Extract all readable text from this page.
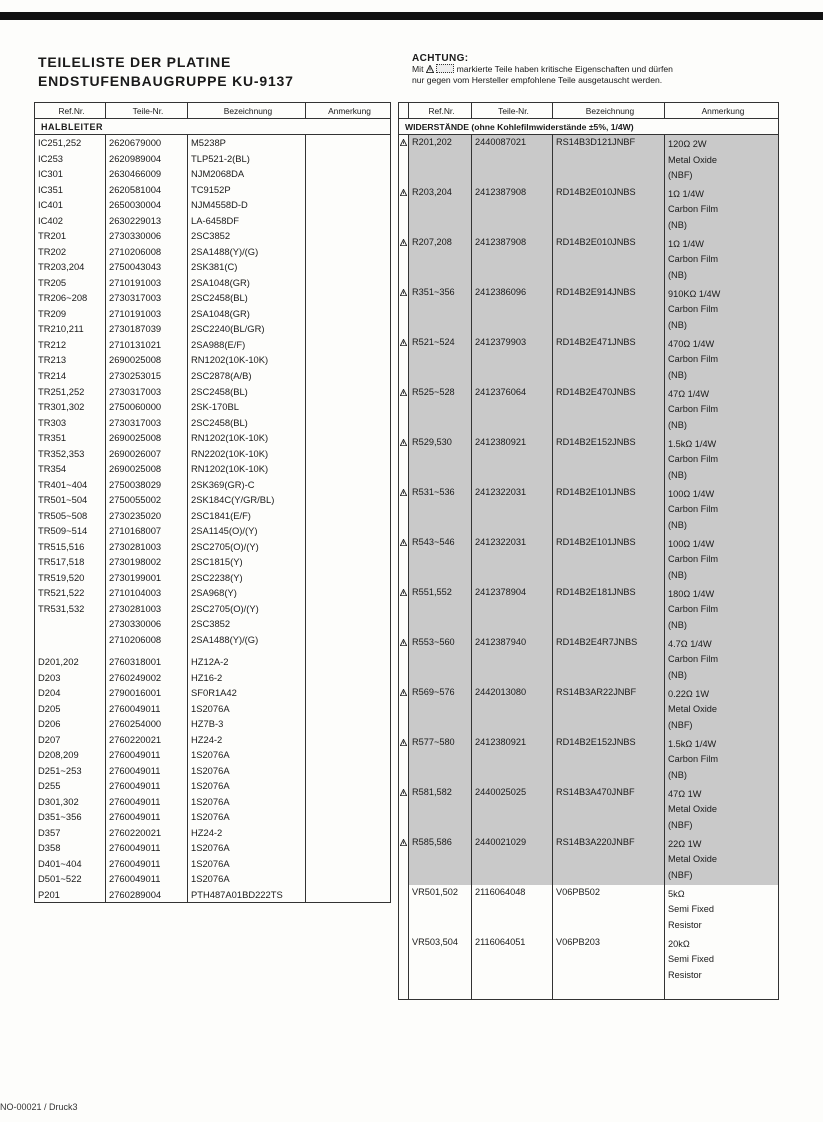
TEILELISTE DER PLATINE
ENDSTUFENBAUGRUPPE KU-9137
ACHTUNG:
Mit	markierte Teile haben kritische Eigenschaften und dürfen
nur gegen vom Hersteller empfohlene Teile ausgetauscht werden.
Ref.Nr.	Teile-Nr.	Bezeichnung	Anmerkung
HALBLEITER			
IC251,252	2620679000	M5238P	
IC253	2620989004	TLP521-2(BL)	
IC301	2630466009	NJM2068DA	
IC351	2620581004	TC9152P	
IC401	2650030004	NJM4558D-D	
IC402	2630229013	LA-6458DF	
TR201	2730330006	2SC3852	
TR202	2710206008	2SA1488(Y)/(G)	
TR203,204	2750043043	2SK381(C)	
TR205	2710191003	2SA1048(GR)	
TR206~208	2730317003	2SC2458(BL)	
TR209	2710191003	2SA1048(GR)	
TR210,211	2730187039	2SC2240(BL/GR)	
TR212	2710131021	2SA988(E/F)	
TR213	2690025008	RN1202(10K-10K)	
TR214	2730253015	2SC2878(A/B)	
TR251,252	2730317003	2SC2458(BL)	
TR301,302	2750060000	2SK-170BL	
TR303	2730317003	2SC2458(BL)	
TR351	2690025008	RN1202(10K-10K)	
TR352,353	2690026007	RN2202(10K-10K)	
TR354	2690025008	RN1202(10K-10K)	
TR401~404	2750038029	2SK369(GR)-C	
TR501~504	2750055002	2SK184C(Y/GR/BL)	
TR505~508	2730235020	2SC1841(E/F)	
TR509~514	2710168007	2SA1145(O)/(Y)	
TR515,516	2730281003	2SC2705(O)/(Y)	
TR517,518	2730198002	2SC1815(Y)	
TR519,520	2730199001	2SC2238(Y)	
TR521,522	2710104003	2SA968(Y)	
TR531,532	2730281003	2SC2705(O)/(Y)	
	2730330006	2SC3852	
	2710206008	2SA1488(Y)/(G)	

D201,202	2760318001	HZ12A-2	
D203	2760249002	HZ16-2	
D204	2790016001	SF0R1A42	
D205	2760049011	1S2076A	
D206	2760254000	HZ7B-3	
D207	2760220021	HZ24-2	
D208,209	2760049011	1S2076A	
D251~253	2760049011	1S2076A	
D255	2760049011	1S2076A	
D301,302	2760049011	1S2076A	
D351~356	2760049011	1S2076A	
D357	2760220021	HZ24-2	
D358	2760049011	1S2076A	
D401~404	2760049011	1S2076A	
D501~522	2760049011	1S2076A	
P201	2760289004	PTH487A01BD222TS	
	Ref.Nr.	Teile-Nr.	Bezeichnung	Anmerkung
WIDERSTÄNDE (ohne Kohlefilmwiderstände ±5%, 1/4W)				

	R201,202	2440087021	RS14B3D121JNBF	120Ω 2W
Metal Oxide
(NBF)

	R203,204	2412387908	RD14B2E010JNBS	1Ω 1/4W
Carbon Film
(NB)

	R207,208	2412387908	RD14B2E010JNBS	1Ω 1/4W
Carbon Film
(NB)

	R351~356	2412386096	RD14B2E914JNBS	910KΩ 1/4W
Carbon Film
(NB)

	R521~524	2412379903	RD14B2E471JNBS	470Ω 1/4W
Carbon Film
(NB)

	R525~528	2412376064	RD14B2E470JNBS	47Ω 1/4W
Carbon Film
(NB)

	R529,530	2412380921	RD14B2E152JNBS	1.5kΩ 1/4W
Carbon Film
(NB)

	R531~536	2412322031	RD14B2E101JNBS	100Ω 1/4W
Carbon Film
(NB)

	R543~546	2412322031	RD14B2E101JNBS	100Ω 1/4W
Carbon Film
(NB)

	R551,552	2412378904	RD14B2E181JNBS	180Ω 1/4W
Carbon Film
(NB)

	R553~560	2412387940	RD14B2E4R7JNBS	4.7Ω 1/4W
Carbon Film
(NB)

	R569~576	2442013080	RS14B3AR22JNBF	0.22Ω 1W
Metal Oxide
(NBF)

	R577~580	2412380921	RD14B2E152JNBS	1.5kΩ 1/4W
Carbon Film
(NB)

	R581,582	2440025025	RS14B3A470JNBF	47Ω 1W
Metal Oxide
(NBF)

	R585,586	2440021029	RS14B3A220JNBF	22Ω 1W
Metal Oxide
(NBF)

	VR501,502	2116064048	V06PB502	5kΩ
Semi Fixed
Resistor

	VR503,504	2116064051	V06PB203	20kΩ
Semi Fixed
Resistor

NO-00021 / Druck3
